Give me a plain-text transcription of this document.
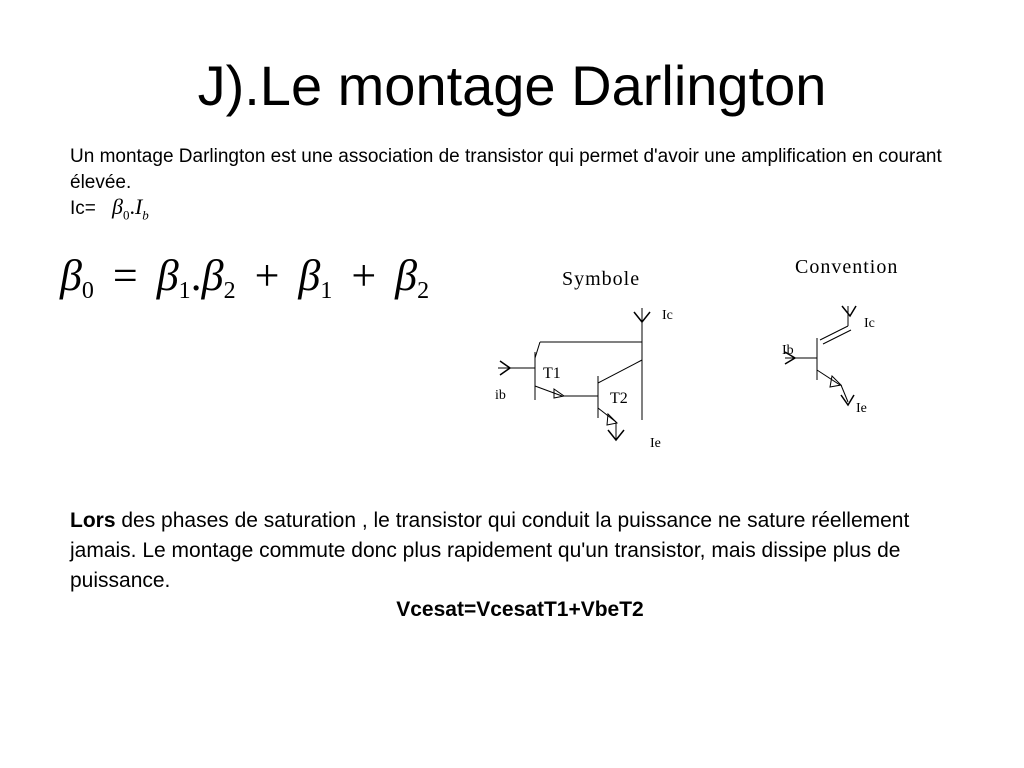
J).Le montage Darlington
Un montage Darlington est une association de transistor qui permet d'avoir une amplification en courant élevée.
$Ic= \beta_0.I_b$
$\beta_0 = \beta_1.\beta_2 + \beta_1 + \beta_2$	Symbole
Convention
Ic
T1
ib	T2
Ie
Ic
Ib
Ie
Lors des phases de saturation , le transistor qui conduit la puissance ne sature réellement jamais. Le montage commute donc plus rapidement qu'un transistor, mais dissipe plus de puissance.
Vcesat=VcesatT1+VbeT2
